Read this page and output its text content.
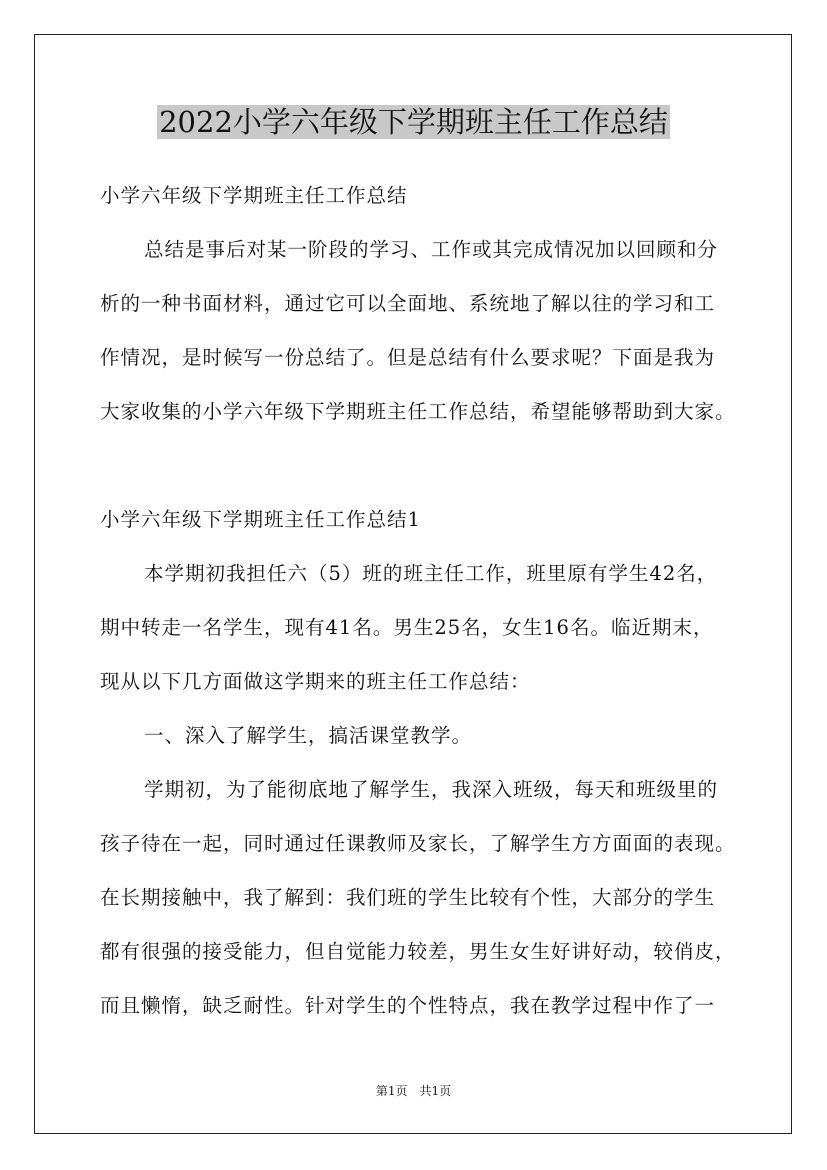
2022小学六年级下学期班主任工作总结
小学六年级下学期班主任工作总结
总结是事后对某一阶段的学习、工作或其完成情况加以回顾和分
析的一种书面材料，通过它可以全面地、系统地了解以往的学习和工
作情况，是时候写一份总结了。但是总结有什么要求呢？下面是我为
大家收集的小学六年级下学期班主任工作总结，希望能够帮助到大家。
小学六年级下学期班主任工作总结1
本学期初我担任六（5）班的班主任工作，班里原有学生42名，
期中转走一名学生，现有41名。男生25名，女生16名。临近期末，
现从以下几方面做这学期来的班主任工作总结：
一、深入了解学生，搞活课堂教学。
学期初，为了能彻底地了解学生，我深入班级，每天和班级里的
孩子待在一起，同时通过任课教师及家长，了解学生方方面面的表现。
在长期接触中，我了解到：我们班的学生比较有个性，大部分的学生
都有很强的接受能力，但自觉能力较差，男生女生好讲好动，较俏皮，
而且懒惰，缺乏耐性。针对学生的个性特点，我在教学过程中作了一
第1页 共1页
